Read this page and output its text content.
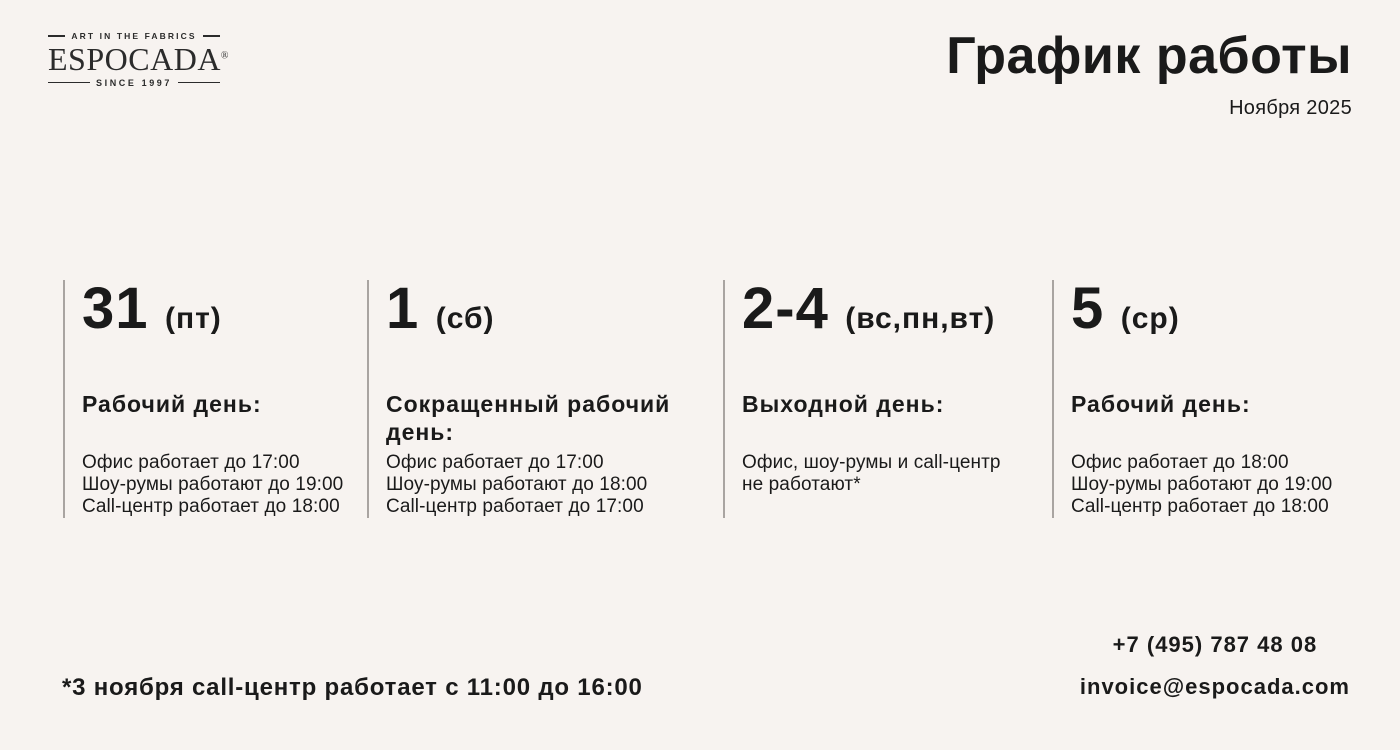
ART IN THE FABRICS
ESPOCADA®
SINCE 1997	График работы
Ноября 2025
31 (пт)
Рабочий день:
Офис работает до 17:00
Шоу-румы работают до 19:00
Call-центр работает до 18:00
1 (сб)
Сокращенный рабочий день:
Офис работает до 17:00
Шоу-румы работают до 18:00
Call-центр работает до 17:00
2-4 (вс,пн,вт)
Выходной день:
Офис, шоу-румы и call-центр
не работают*
5 (ср)
Рабочий день:
Офис работает до 18:00
Шоу-румы работают до 19:00
Call-центр работает до 18:00
*3 ноября call-центр работает с 11:00 до 16:00
+7 (495) 787 48 08
invoice@espocada.com
